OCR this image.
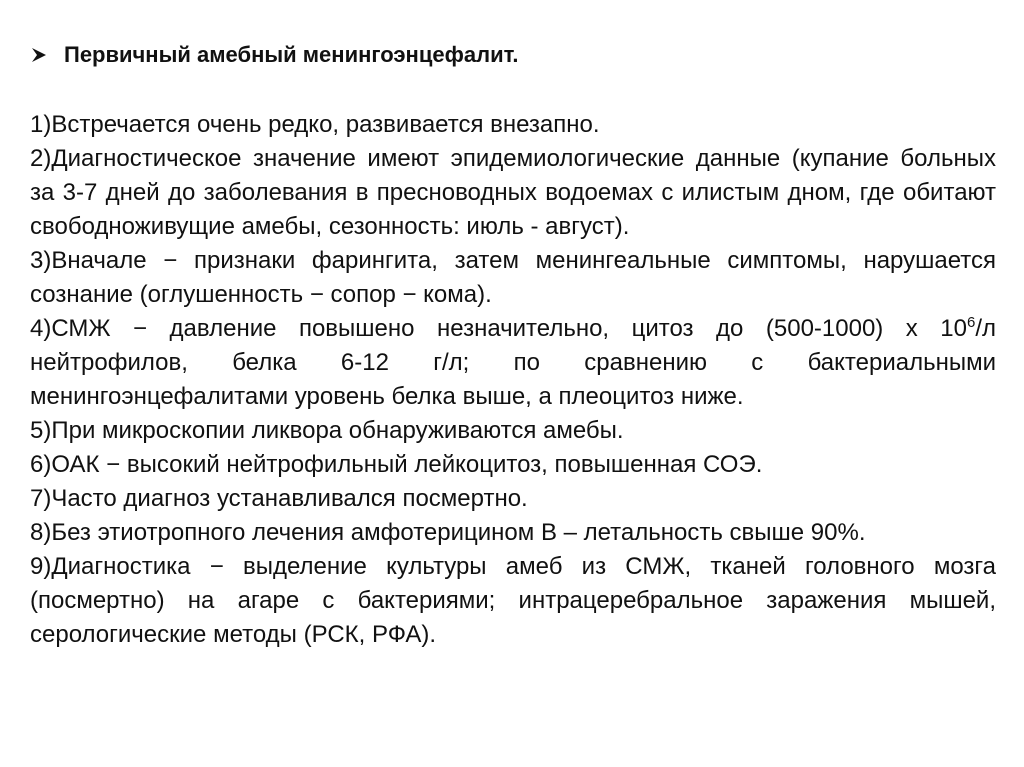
Первичный амебный менингоэнцефалит.
1)Встречается очень редко, развивается внезапно.
2)Диагностическое значение имеют эпидемиологические данные (купание больных за 3-7 дней до заболевания в пресноводных водоемах с илистым дном, где обитают свободноживущие амебы, сезонность: июль - август).
3)Вначале − признаки фарингита, затем менингеальные симптомы, нарушается сознание (оглушенность − сопор − кома).
4)СМЖ − давление повышено незначительно, цитоз до (500-1000) х $10^6/л$ нейтрофилов, белка 6-12 г/л; по сравнению с бактериальными менингоэнцефалитами уровень белка выше, а плеоцитоз ниже.
5)При микроскопии ликвора обнаруживаются амебы.
6)ОАК − высокий нейтрофильный лейкоцитоз, повышенная СОЭ.
7)Часто диагноз устанавливался посмертно.
8)Без этиотропного лечения амфотерицином В – летальность свыше 90%.
9)Диагностика − выделение культуры амеб из СМЖ, тканей головного мозга (посмертно) на агаре с бактериями; интрацеребральное заражения мышей, серологические методы (РСК, РФА).
